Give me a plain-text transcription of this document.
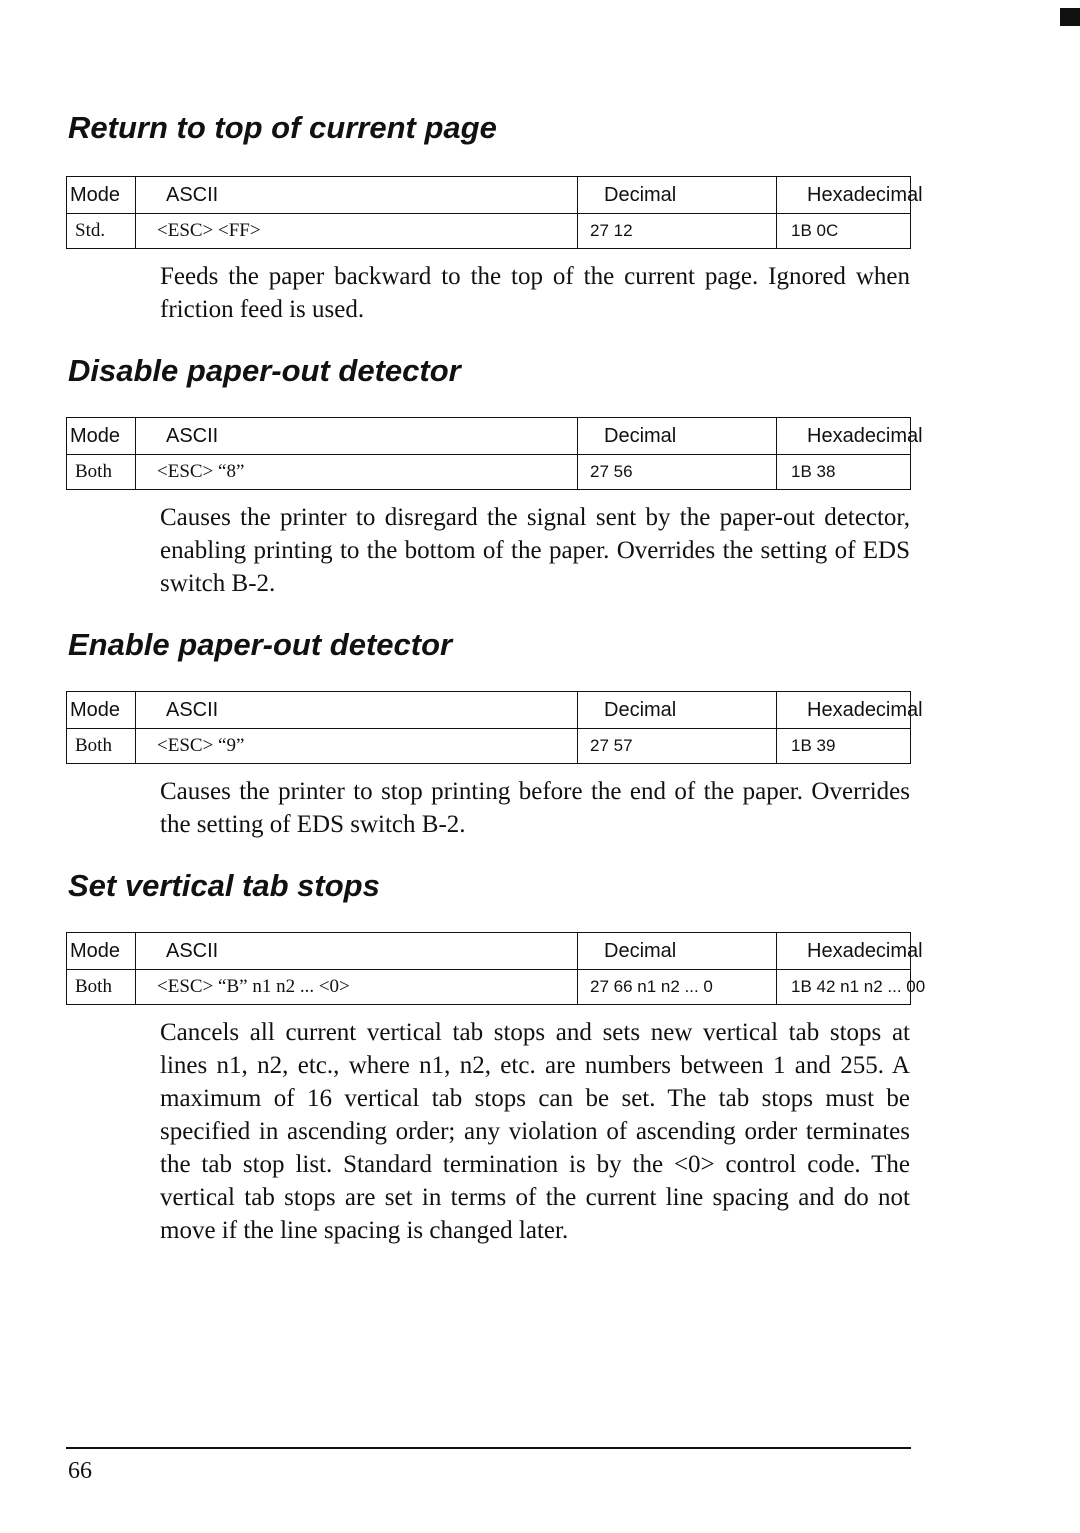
Return to top of current page
Mode	ASCII	Decimal	Hexadecimal
Std.	<ESC> <FF>	27 12	1B 0C

Feeds the paper backward to the top of the current page. Ignored when friction feed is used.

Disable paper-out detector
Mode	ASCII	Decimal	Hexadecimal
Both	<ESC> “8”	27 56	1B 38

Causes the printer to disregard the signal sent by the paper-out detector, enabling printing to the bottom of the paper. Overrides the setting of EDS switch B-2.

Enable paper-out detector
Mode	ASCII	Decimal	Hexadecimal
Both	<ESC> “9”	27 57	1B 39

Causes the printer to stop printing before the end of the paper. Overrides the setting of EDS switch B-2.

Set vertical tab stops
Mode	ASCII	Decimal	Hexadecimal
Both	<ESC> “B” n1 n2 ... <0>	27 66 n1 n2 ... 0	1B 42 n1 n2 ... 00

Cancels all current vertical tab stops and sets new vertical tab stops at lines n1, n2, etc., where n1, n2, etc. are numbers between 1 and 255. A maximum of 16 vertical tab stops can be set. The tab stops must be specified in ascending order; any violation of ascending order terminates the tab stop list. Standard termination is by the <0> control code. The vertical tab stops are set in terms of the current line spacing and do not move if the line spacing is changed later.

66
